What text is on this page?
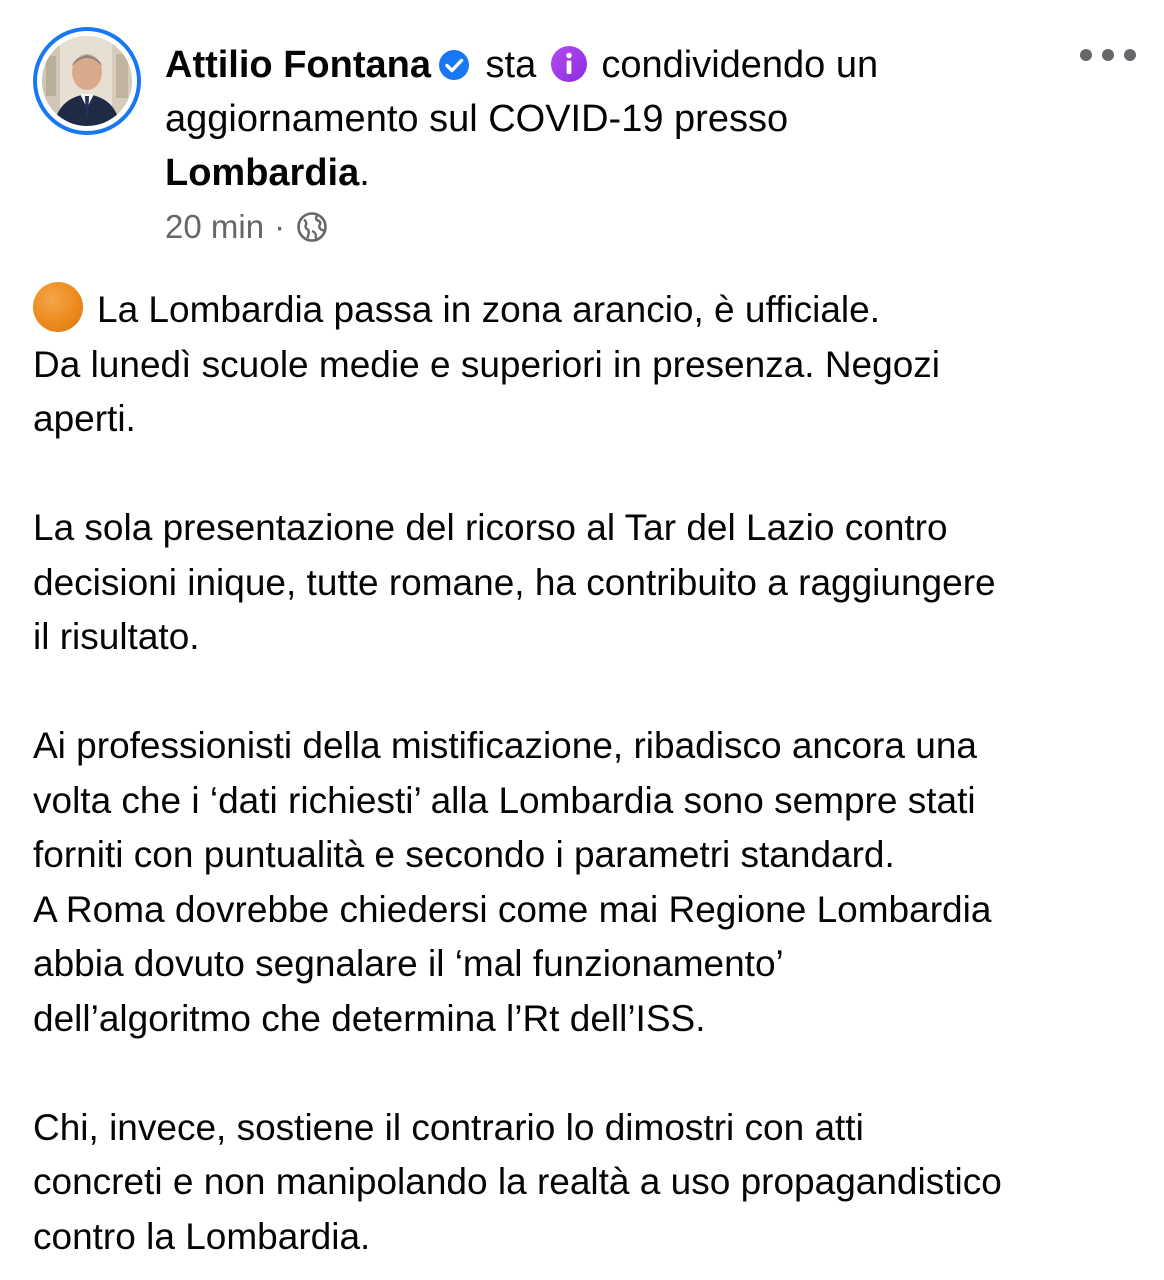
Attilio Fontana sta condividendo un
aggiornamento sul COVID-19 presso
Lombardia.
20 min ·
La Lombardia passa in zona arancio, è ufficiale.
Da lunedì scuole medie e superiori in presenza. Negozi
aperti.
La sola presentazione del ricorso al Tar del Lazio contro
decisioni inique, tutte romane, ha contribuito a raggiungere
il risultato.
Ai professionisti della mistificazione, ribadisco ancora una
volta che i ‘dati richiesti’ alla Lombardia sono sempre stati
forniti con puntualità e secondo i parametri standard.
A Roma dovrebbe chiedersi come mai Regione Lombardia
abbia dovuto segnalare il ‘mal funzionamento’
dell’algoritmo che determina l’Rt dell’ISS.
Chi, invece, sostiene il contrario lo dimostri con atti
concreti e non manipolando la realtà a uso propagandistico
contro la Lombardia.
